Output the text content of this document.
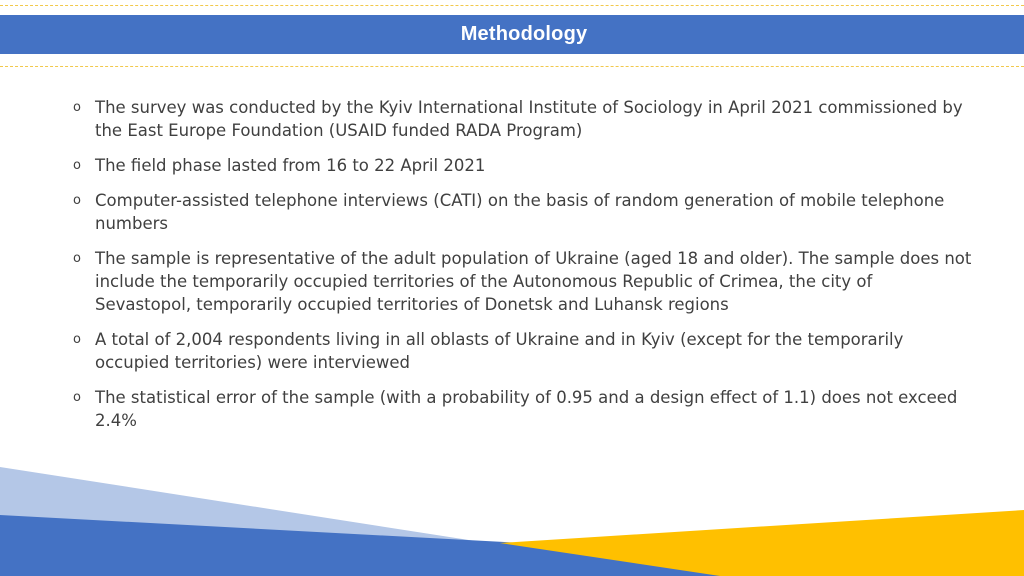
Methodology
o The survey was conducted by the Kyiv International Institute of Sociology in April 2021 commissioned by the East Europe Foundation (USAID funded RADA Program)
o The field phase lasted from 16 to 22 April 2021
o Computer-assisted telephone interviews (CATI) on the basis of random generation of mobile telephone numbers
o The sample is representative of the adult population of Ukraine (aged 18 and older). The sample does not include the temporarily occupied territories of the Autonomous Republic of Crimea, the city of Sevastopol, temporarily occupied territories of Donetsk and Luhansk regions
o A total of 2,004 respondents living in all oblasts of Ukraine and in Kyiv (except for the temporarily occupied territories) were interviewed
o The statistical error of the sample (with a probability of 0.95 and a design effect of 1.1) does not exceed 2.4%
